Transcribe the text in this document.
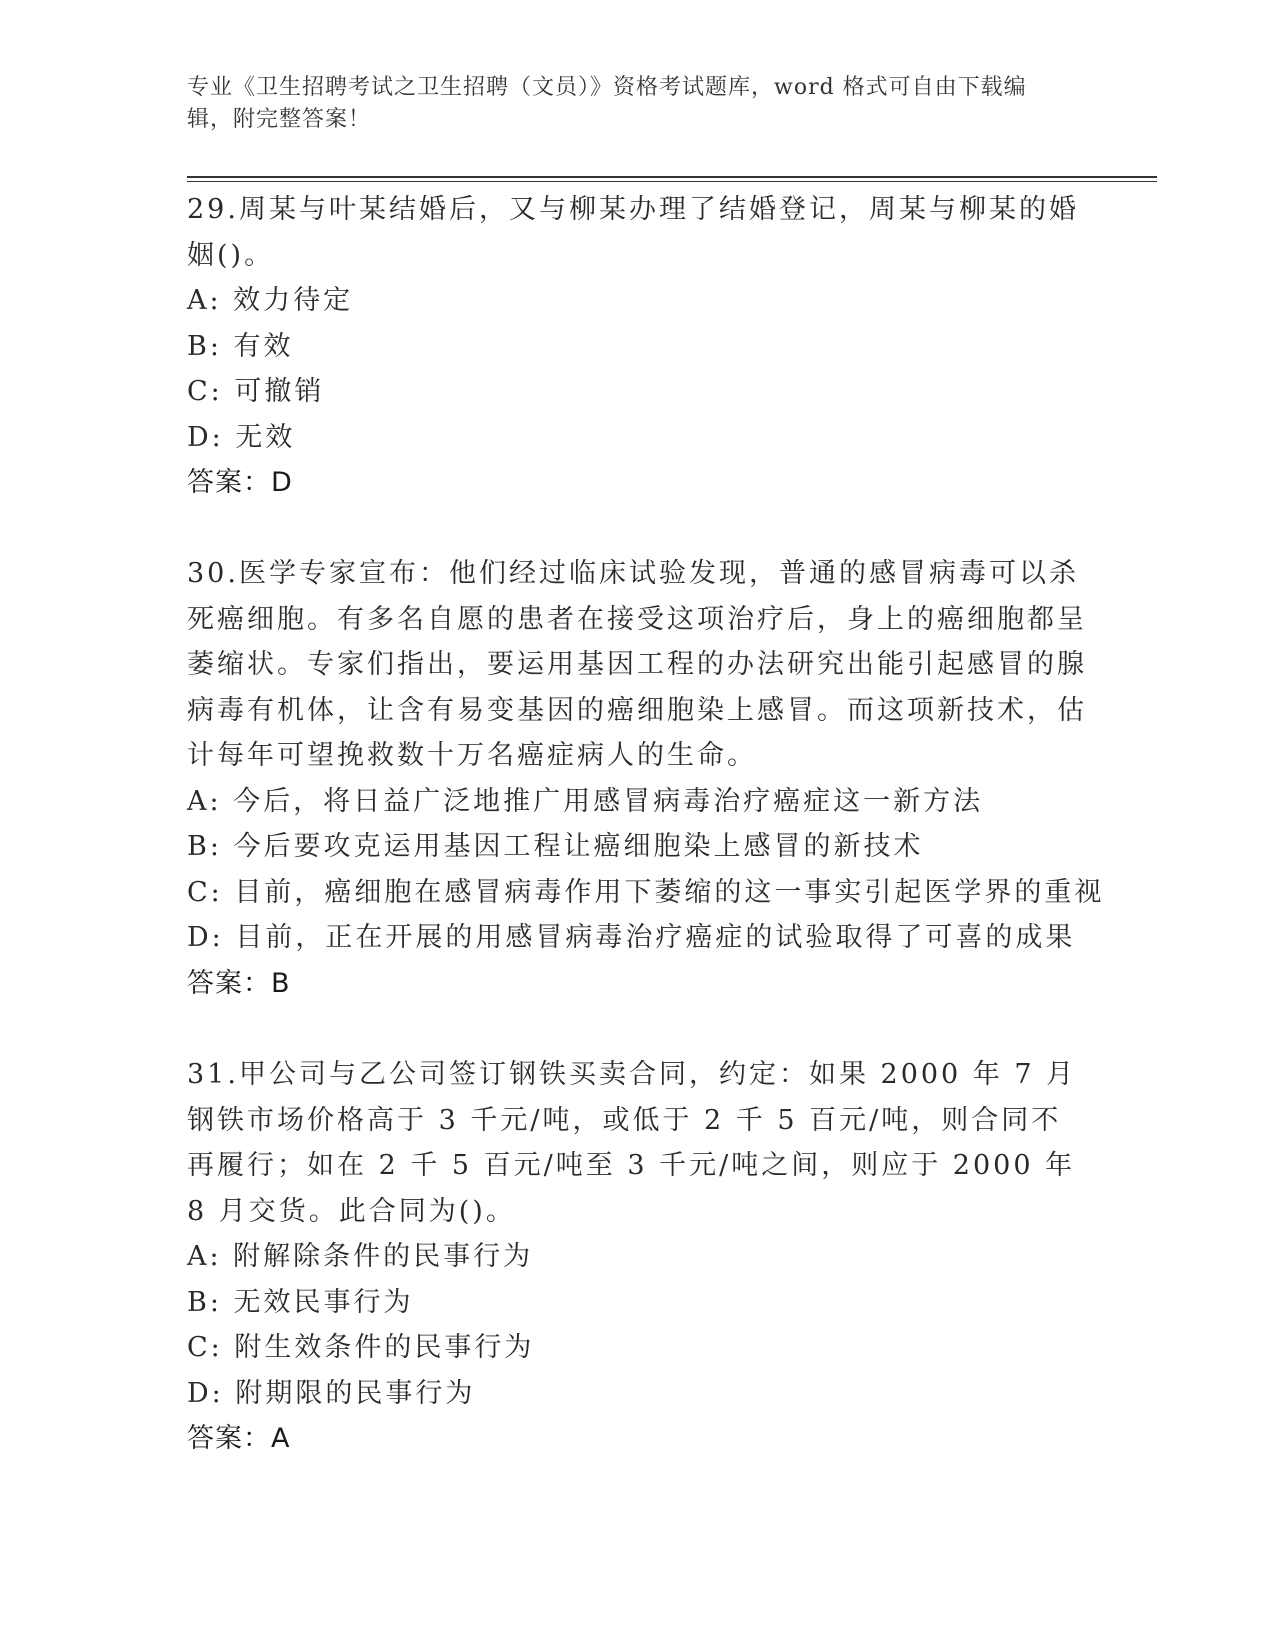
专业《卫生招聘考试之卫生招聘（文员）》资格考试题库，word 格式可自由下载编辑，附完整答案！

29.周某与叶某结婚后，又与柳某办理了结婚登记，周某与柳某的婚姻()。

A: 效力待定

B: 有效

C: 可撤销

D: 无效

答案：D

30.医学专家宣布：他们经过临床试验发现，普通的感冒病毒可以杀死癌细胞。有多名自愿的患者在接受这项治疗后，身上的癌细胞都呈萎缩状。专家们指出，要运用基因工程的办法研究出能引起感冒的腺病毒有机体，让含有易变基因的癌细胞染上感冒。而这项新技术，估计每年可望挽救数十万名癌症病人的生命。

A: 今后，将日益广泛地推广用感冒病毒治疗癌症这一新方法

B: 今后要攻克运用基因工程让癌细胞染上感冒的新技术

C: 目前，癌细胞在感冒病毒作用下萎缩的这一事实引起医学界的重视

D: 目前，正在开展的用感冒病毒治疗癌症的试验取得了可喜的成果

答案：B

31.甲公司与乙公司签订钢铁买卖合同，约定：如果 2000 年 7 月钢铁市场价格高于 3 千元/吨，或低于 2 千 5 百元/吨，则合同不再履行；如在 2 千 5 百元/吨至 3 千元/吨之间，则应于 2000 年 8 月交货。此合同为()。

A: 附解除条件的民事行为

B: 无效民事行为

C: 附生效条件的民事行为

D: 附期限的民事行为

答案：A
